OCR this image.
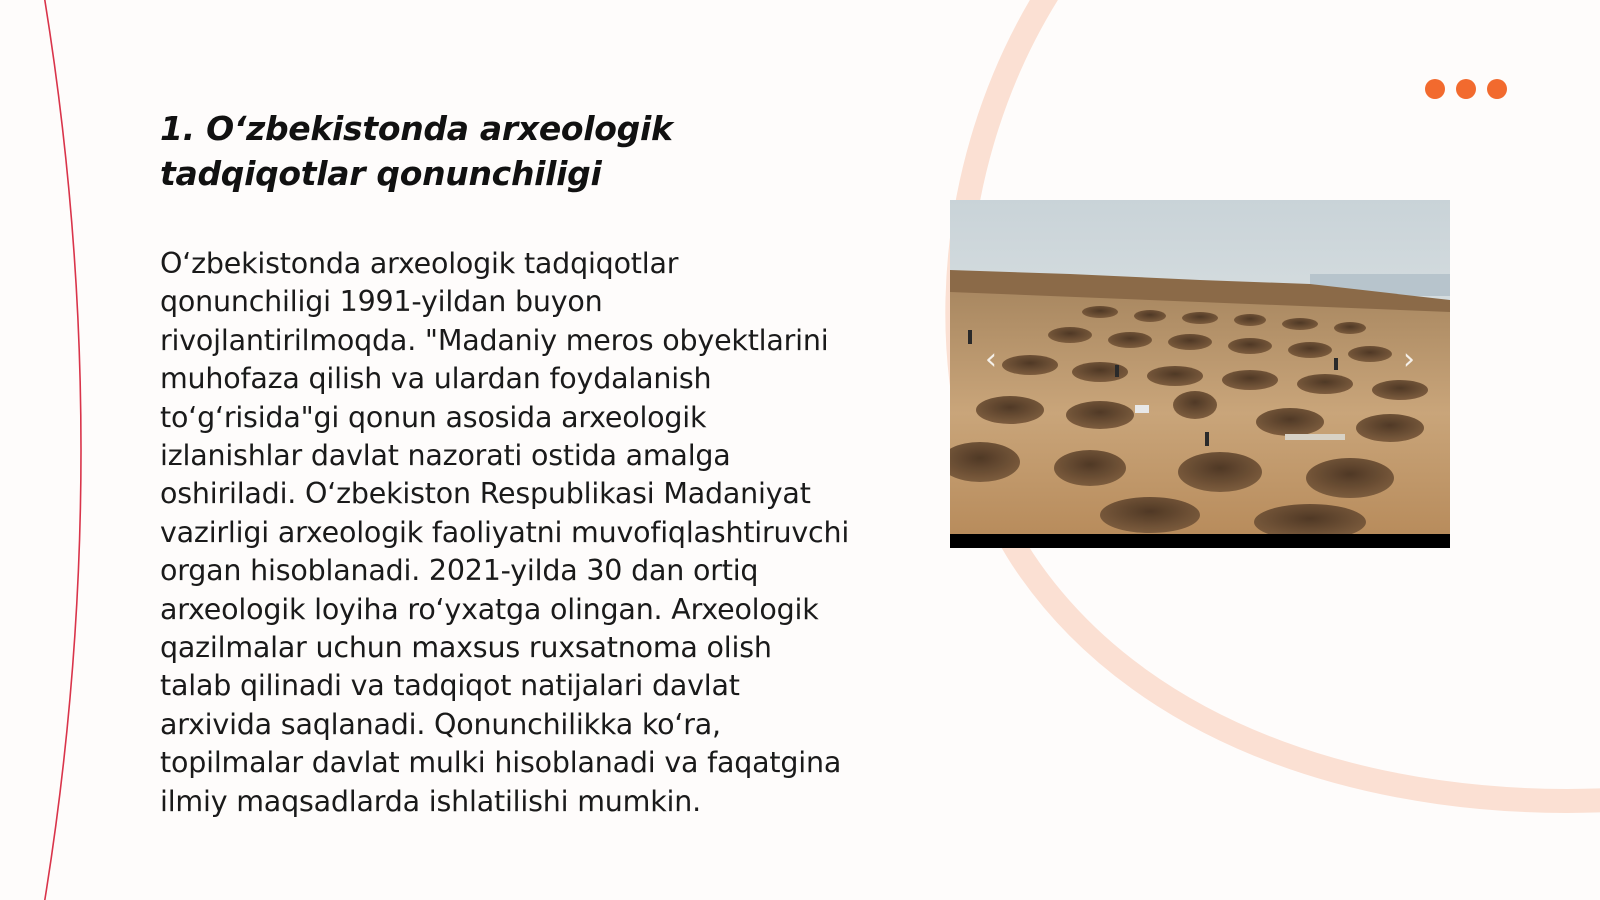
1. O‘zbekistonda arxeologik tadqiqotlar qonunchiligi

O‘zbekistonda arxeologik tadqiqotlar qonunchiligi 1991-yildan buyon rivojlantirilmoqda. "Madaniy meros obyektlarini muhofaza qilish va ulardan foydalanish to‘g‘risida"gi qonun asosida arxeologik izlanishlar davlat nazorati ostida amalga oshiriladi. O‘zbekiston Respublikasi Madaniyat vazirligi arxeologik faoliyatni muvofiqlashtiruvchi organ hisoblanadi. 2021-yilda 30 dan ortiq arxeologik loyiha ro‘yxatga olingan. Arxeologik qazilmalar uchun maxsus ruxsatnoma olish talab qilinadi va tadqiqot natijalari davlat arxivida saqlanadi. Qonunchilikka ko‘ra, topilmalar davlat mulki hisoblanadi va faqatgina ilmiy maqsadlarda ishlatilishi mumkin.

‹	›
